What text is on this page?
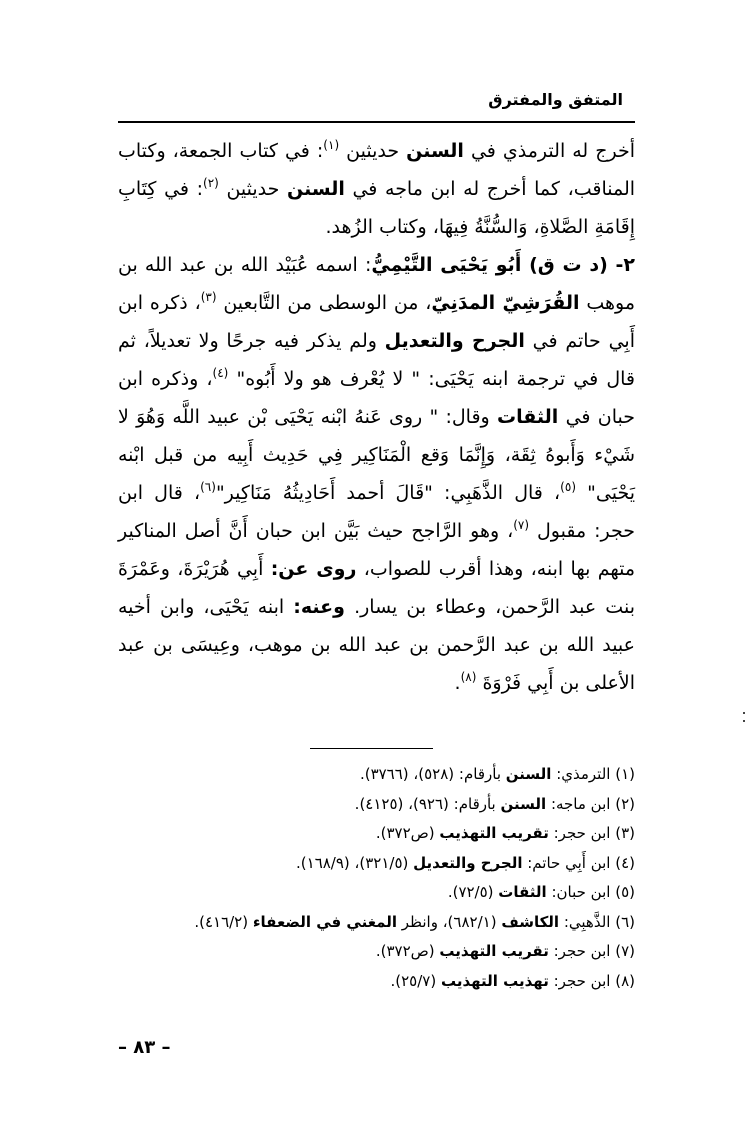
المتفق والمفترق

أخرج له الترمذي في السنن حديثين $^{(١)}$: في كتاب الجمعة، وكتاب المناقب، كما أخرج له ابن ماجه في السنن حديثين $^{(٢)}$: في كِتَابِ إِقَامَةِ الصَّلاةِ، وَالسُّنَّةُ فِيهَا، وكتاب الزُهد.

٢- (د ت ق) أَبُو يَحْيَى التَّيْمِيُّ: اسمه عُبَيْد الله بن عبد الله بن موهب القُرَشِيّ المدَنِيّ، من الوسطى من التَّابعين $^{(٣)}$، ذكره ابن أَبِي حاتم في الجرح والتعديل ولم يذكر فيه جرحًا ولا تعديلاً، ثم قال في ترجمة ابنه يَحْيَى: " لا يُعْرف هو ولا أَبُوه" $^{(٤)}$، وذكره ابن حبان في الثقات وقال: " روى عَنهُ ابْنه يَحْيَى بْن عبيد اللَّه وَهُوَ لا شَيْء وَأَبوهُ ثِقَة، وَإِنَّمَا وَقع الْمَنَاكِير فِي حَدِيث أَبِيه من قبل ابْنه يَحْيَى" $^{(٥)}$، قال الذَّهَبِي: "قَالَ أحمد أَحَادِيثُهُ مَنَاكِير"$^{(٦)}$، قال ابن حجر: مقبول $^{(٧)}$، وهو الرَّاجح حيث بَيَّن ابن حبان أَنَّ أصل المناكير متهم بها ابنه، وهذا أقرب للصواب، روى عن: أَبِي هُرَيْرَةَ، وعَمْرَةَ بنت عبد الرَّحمن، وعطاء بن يسار. وعنه: ابنه يَحْيَى، وابن أخيه عبيد الله بن عبد الرَّحمن بن عبد الله بن موهب، وعِيسَى بن عبد الأعلى بن أَبِي فَرْوَةَ $^{(٨)}$.

(١) الترمذي: السنن بأرقام: (٥٢٨)، (٣٧٦٦).
(٢) ابن ماجه: السنن بأرقام: (٩٢٦)، (٤١٢٥).
(٣) ابن حجر: تقريب التهذيب (ص٣٧٢).
(٤) ابن أَبِي حاتم: الجرح والتعديل (٣٢١/٥)، (١٦٨/٩).
(٥) ابن حبان: الثقات (٧٢/٥).
(٦) الذَّهبِي: الكاشف (٦٨٢/١)، وانظر المغني في الضعفاء (٤١٦/٢).
(٧) ابن حجر: تقريب التهذيب (ص٣٧٢).
(٨) ابن حجر: تهذيب التهذيب (٢٥/٧).
– ٨٣ –
